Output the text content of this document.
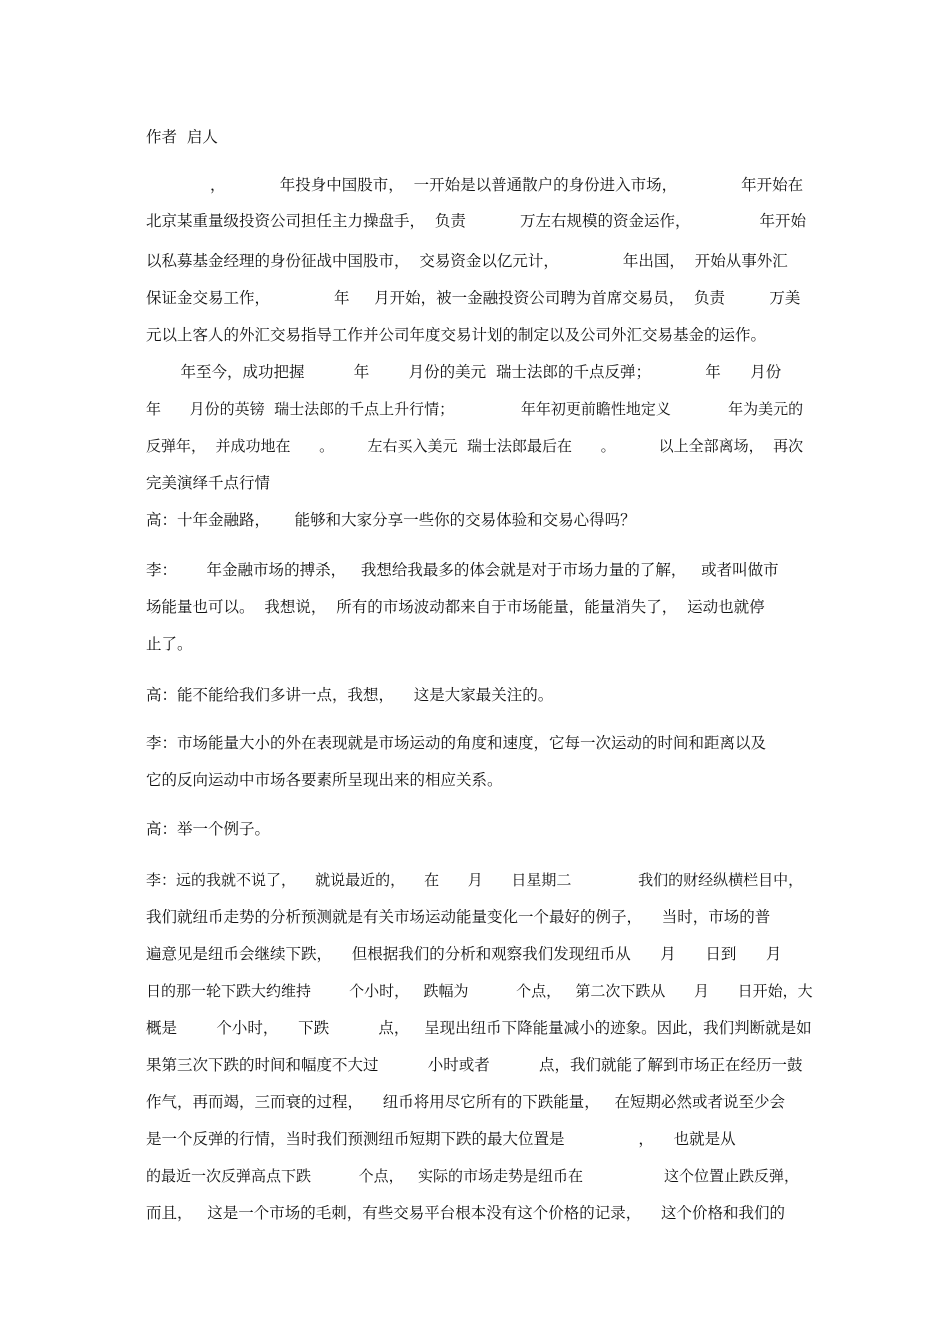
作者  启人
，           年投身中国股市，  一开始是以普通散户的身份进入市场，             年开始在
北京某重量级投资公司担任主力操盘手，  负责           万左右规模的资金运作，              年开始
以私募基金经理的身份征战中国股市，  交易资金以亿元计，             年出国，  开始从事外汇
保证金交易工作，             年     月开始，被一金融投资公司聘为首席交易员，  负责         万美
元以上客人的外汇交易指导工作并公司年度交易计划的制定以及公司外汇交易基金的运作。
年至今，成功把握          年        月份的美元  瑞士法郎的千点反弹；           年      月份
年      月份的英镑  瑞士法郎的千点上升行情；              年年初更前瞻性地定义            年为美元的
反弹年，  并成功地在      。       左右买入美元  瑞士法郎最后在      。         以上全部离场，  再次
完美演绎千点行情
高：十年金融路，     能够和大家分享一些你的交易体验和交易心得吗？
李：      年金融市场的搏杀，   我想给我最多的体会就是对于市场力量的了解，   或者叫做市
场能量也可以。  我想说，  所有的市场波动都来自于市场能量，能量消失了，  运动也就停
止了。
高：能不能给我们多讲一点，我想，    这是大家最关注的。
李：市场能量大小的外在表现就是市场运动的角度和速度，它每一次运动的时间和距离以及
它的反向运动中市场各要素所呈现出来的相应关系。
高：举一个例子。
李：远的我就不说了，    就说最近的，    在      月      日星期二              我们的财经纵横栏目中，
我们就纽币走势的分析预测就是有关市场运动能量变化一个最好的例子，    当时，市场的普
遍意见是纽币会继续下跌，    但根据我们的分析和观察我们发现纽币从      月      日到      月
日的那一轮下跌大约维持        个小时，   跌幅为          个点，   第二次下跌从      月      日开始，大
概是        个小时，    下跌          点，   呈现出纽币下降能量减小的迹象。因此，我们判断就是如
果第三次下跌的时间和幅度不大过          小时或者          点，我们就能了解到市场正在经历一鼓
作气，再而竭，三而衰的过程，    纽币将用尽它所有的下跌能量，   在短期必然或者说至少会
是一个反弹的行情，当时我们预测纽币短期下跌的最大位置是               ，    也就是从
的最近一次反弹高点下跌          个点，   实际的市场走势是纽币在                 这个位置止跌反弹，
而且，   这是一个市场的毛刺，有些交易平台根本没有这个价格的记录，    这个价格和我们的
